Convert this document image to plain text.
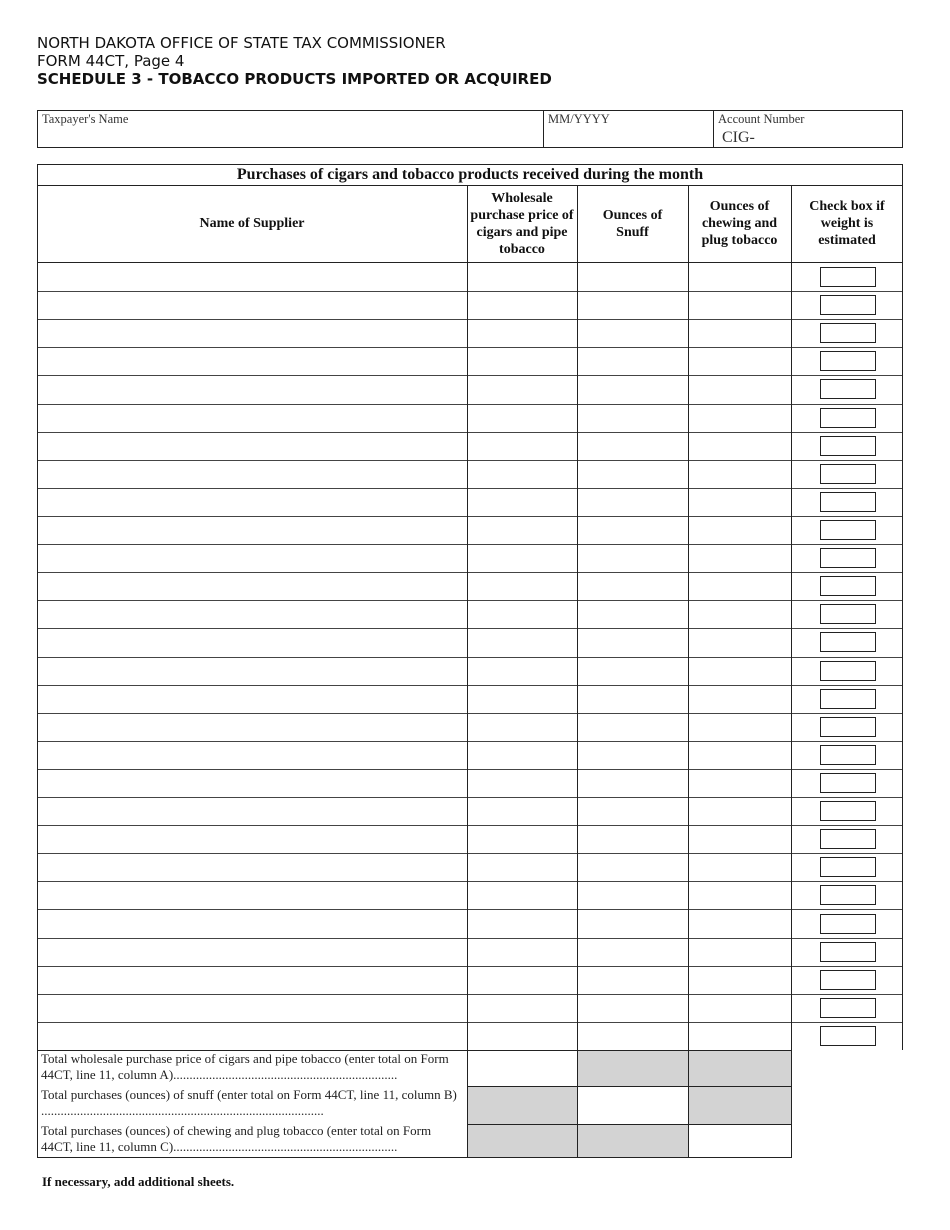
NORTH DAKOTA OFFICE OF STATE TAX COMMISSIONER
FORM 44CT, Page 4
SCHEDULE 3 - TOBACCO PRODUCTS IMPORTED OR ACQUIRED
Taxpayer's Name	MM/YYYY	Account Number
CIG-
Purchases of cigars and tobacco products received during the month
Name of Supplier
Wholesale purchase price of cigars and pipe tobacco
Ounces of Snuff
Ounces of chewing and plug tobacco
Check box if weight is estimated
Total wholesale purchase price of cigars and pipe tobacco (enter total on Form 44CT, line 11, column A).....................................................................
Total purchases (ounces) of snuff (enter total on Form 44CT, line 11, column B) .......................................................................................
Total purchases (ounces) of chewing and plug tobacco (enter total on Form 44CT, line 11, column C).....................................................................
If necessary, add additional sheets.
